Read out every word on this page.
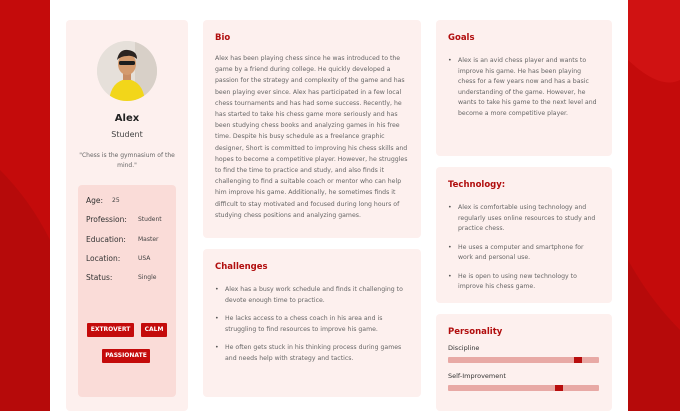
Alex
Student
"Chess is the gymnasium of the mind."
Age: 25
Profession: Student
Education: Master
Location:	USA
Status:	Single
EXTROVERT	CALM
PASSIONATE
Bio
Alex has been playing chess since he was introduced to the game by a friend during college. He quickly developed a passion for the strategy and complexity of the game and has been playing ever since. Alex has participated in a few local chess tournaments and has had some success. Recently, he has started to take his chess game more seriously and has been studying chess books and analyzing games in his free time. Despite his busy schedule as a freelance graphic designer, Short is committed to improving his chess skills and hopes to become a competitive player. However, he struggles to find the time to practice and study, and also finds it challenging to find a suitable coach or mentor who can help him improve his game. Additionally, he sometimes finds it difficult to stay motivated and focused during long hours of studying chess positions and analyzing games.
Challenges
• Alex has a busy work schedule and finds it challenging to devote enough time to practice.
• He lacks access to a chess coach in his area and is struggling to find resources to improve his game.
• He often gets stuck in his thinking process during games and needs help with strategy and tactics.
Goals
• Alex is an avid chess player and wants to improve his game. He has been playing chess for a few years now and has a basic understanding of the game. However, he wants to take his game to the next level and become a more competitive player.
Technology:
• Alex is comfortable using technology and regularly uses online resources to study and practice chess.
• He uses a computer and smartphone for work and personal use.
• He is open to using new technology to improve his chess game.
Personality
Discipline
Self-Improvement
